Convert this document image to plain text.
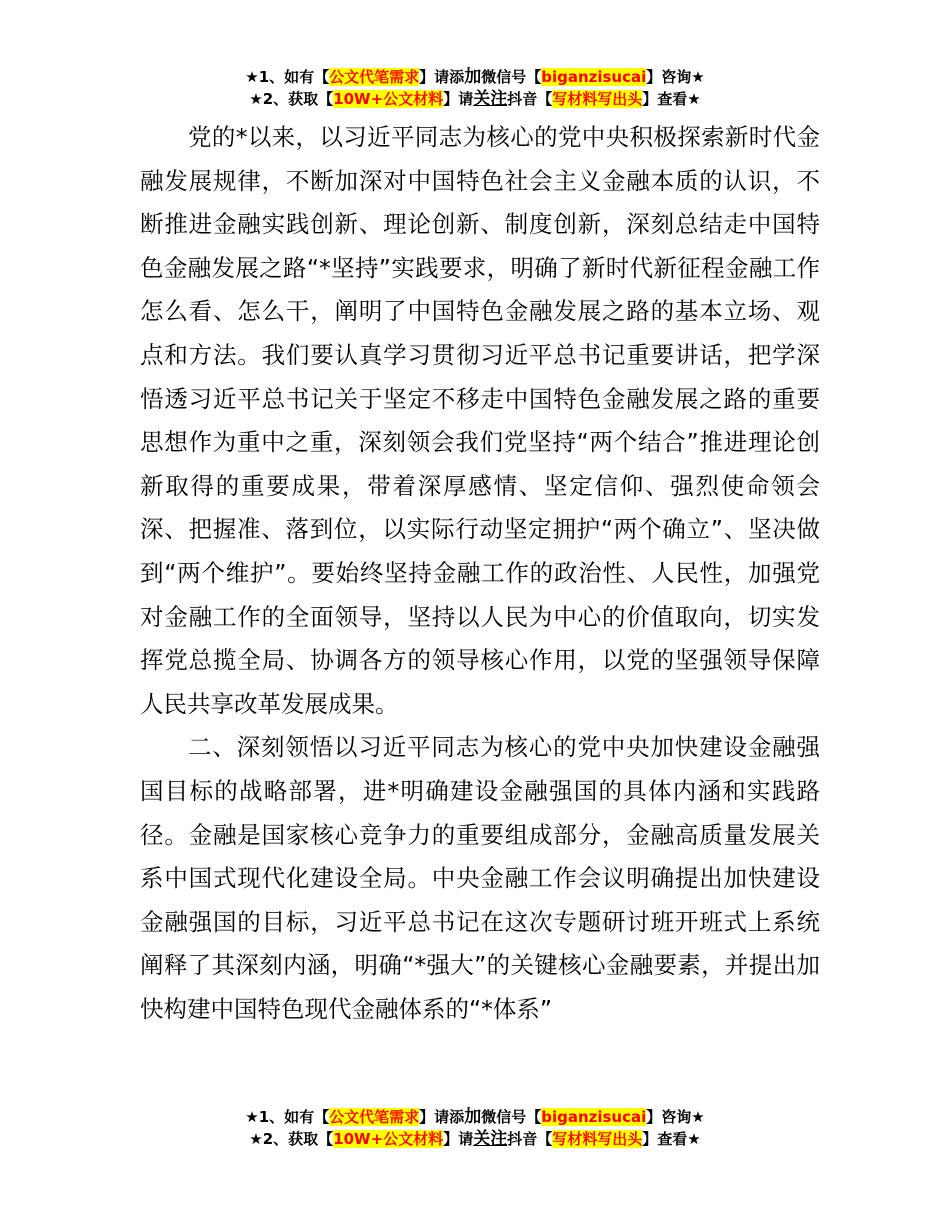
★1、如有【公文代笔需求】请添加微信号【biganzisucai】咨询★
★2、获取【10W+公文材料】请关注抖音【写材料写出头】查看★

党的*以来，以习近平同志为核心的党中央积极探索新时代金融发展规律，不断加深对中国特色社会主义金融本质的认识，不断推进金融实践创新、理论创新、制度创新，深刻总结走中国特色金融发展之路“*坚持”实践要求，明确了新时代新征程金融工作怎么看、怎么干，阐明了中国特色金融发展之路的基本立场、观点和方法。我们要认真学习贯彻习近平总书记重要讲话，把学深悟透习近平总书记关于坚定不移走中国特色金融发展之路的重要思想作为重中之重，深刻领会我们党坚持“两个结合”推进理论创新取得的重要成果，带着深厚感情、坚定信仰、强烈使命领会深、把握准、落到位，以实际行动坚定拥护“两个确立”、坚决做到“两个维护”。要始终坚持金融工作的政治性、人民性，加强党对金融工作的全面领导，坚持以人民为中心的价值取向，切实发挥党总揽全局、协调各方的领导核心作用，以党的坚强领导保障人民共享改革发展成果。

二、深刻领悟以习近平同志为核心的党中央加快建设金融强国目标的战略部署，进*明确建设金融强国的具体内涵和实践路径。金融是国家核心竞争力的重要组成部分，金融高质量发展关系中国式现代化建设全局。中央金融工作会议明确提出加快建设金融强国的目标，习近平总书记在这次专题研讨班开班式上系统阐释了其深刻内涵，明确“*强大”的关键核心金融要素，并提出加快构建中国特色现代金融体系的“*体系”

★1、如有【公文代笔需求】请添加微信号【biganzisucai】咨询★
★2、获取【10W+公文材料】请关注抖音【写材料写出头】查看★
